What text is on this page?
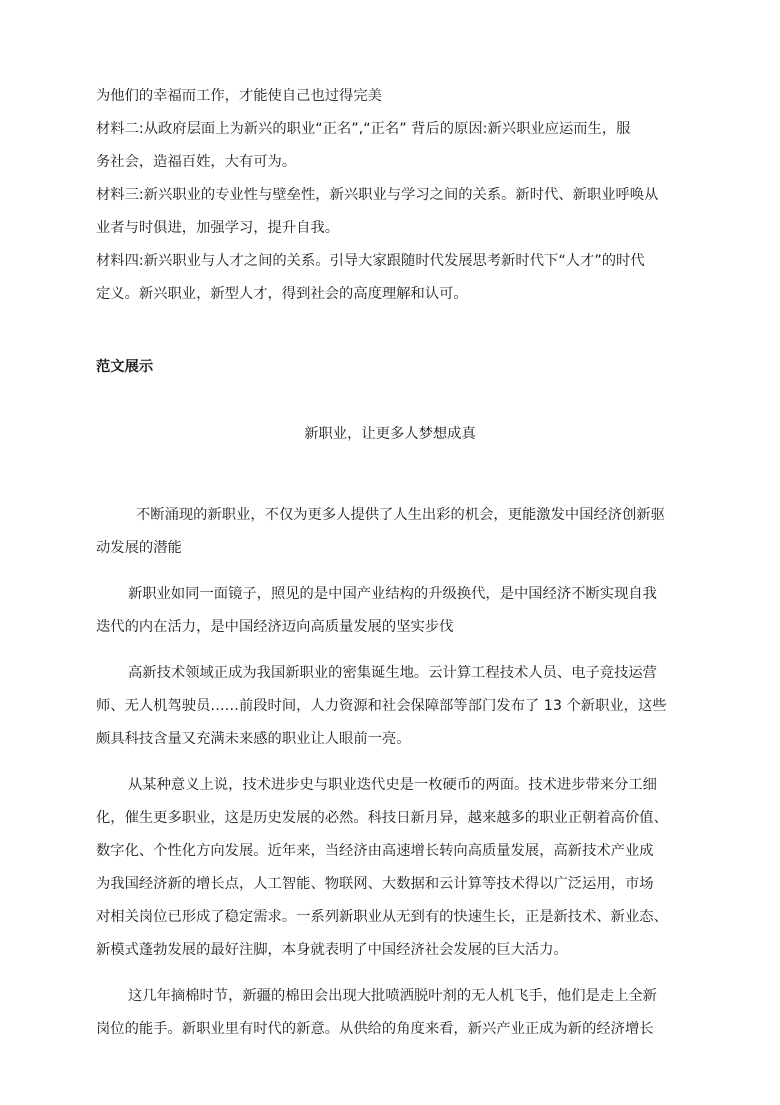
为他们的幸福而工作，才能使自己也过得完美
材料二:从政府层面上为新兴的职业“正名”,“正名” 背后的原因:新兴职业应运而生，服
务社会，造福百姓，大有可为。
材料三:新兴职业的专业性与壁垒性，新兴职业与学习之间的关系。新时代、新职业呼唤从
业者与时俱进，加强学习，提升自我。
材料四:新兴职业与人才之间的关系。引导大家跟随时代发展思考新时代下“人才”的时代
定义。新兴职业，新型人才，得到社会的高度理解和认可。
范文展示
新职业，让更多人梦想成真
不断涌现的新职业，不仅为更多人提供了人生出彩的机会，更能激发中国经济创新驱
动发展的潜能
新职业如同一面镜子，照见的是中国产业结构的升级换代，是中国经济不断实现自我
迭代的内在活力，是中国经济迈向高质量发展的坚实步伐
高新技术领域正成为我国新职业的密集诞生地。云计算工程技术人员、电子竞技运营
师、无人机驾驶员……前段时间，人力资源和社会保障部等部门发布了 13 个新职业，这些
颇具科技含量又充满未来感的职业让人眼前一亮。
从某种意义上说，技术进步史与职业迭代史是一枚硬币的两面。技术进步带来分工细
化，催生更多职业，这是历史发展的必然。科技日新月异，越来越多的职业正朝着高价值、
数字化、个性化方向发展。近年来，当经济由高速增长转向高质量发展，高新技术产业成
为我国经济新的增长点，人工智能、物联网、大数据和云计算等技术得以广泛运用，市场
对相关岗位已形成了稳定需求。一系列新职业从无到有的快速生长，正是新技术、新业态、
新模式蓬勃发展的最好注脚，本身就表明了中国经济社会发展的巨大活力。
这几年摘棉时节，新疆的棉田会出现大批喷洒脱叶剂的无人机飞手，他们是走上全新
岗位的能手。新职业里有时代的新意。从供给的角度来看，新兴产业正成为新的经济增长
